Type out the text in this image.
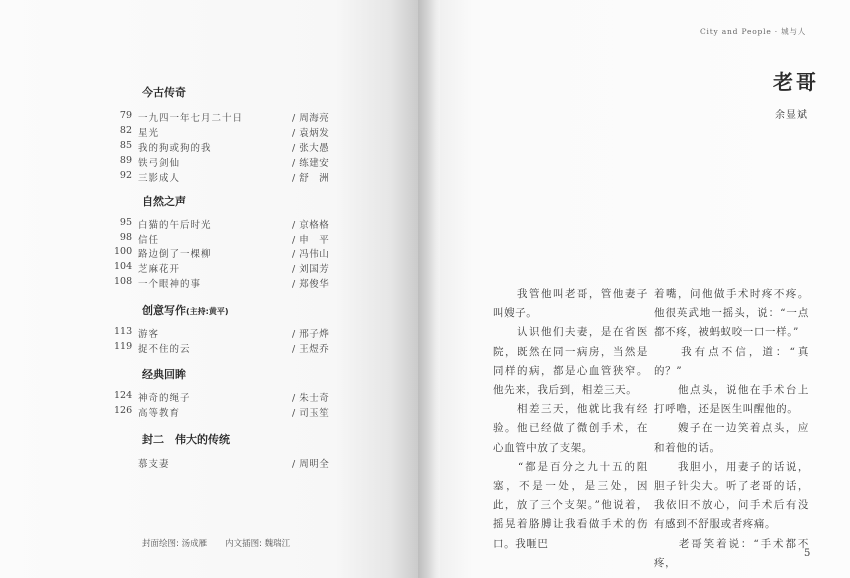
今古传奇
79 一九四一年七月二十日	/ 周海亮
82 星光	/ 袁炳发
85 我的狗或狗的我	/ 张大愚
89 铁弓剑仙	/ 练建安
92 三影成人	/ 舒　洲
自然之声
95 白猫的午后时光	/ 京格格
98 信任	/ 申　平
100 路边倒了一棵柳	/ 冯伟山
104 芝麻花开	/ 刘国芳
108 一个眼神的事	/ 郑俊华
创意写作(主持:黄平)
113 游客	/ 邢子烨
119 捉不住的云	/ 王煜乔
经典回眸
124 神奇的绳子	/ 朱士奇
126 高等教育	/ 司玉笙
封二　伟大的传统
慕支妻	/ 周明全
封面绘图: 汤成雁 内文插图: 魏瑞江
City and People · 城与人
老哥
余显斌

　　我管他叫老哥，管他妻子叫嫂子。

　　认识他们夫妻，是在省医院，既然在同一病房，当然是同样的病，都是心血管狭窄。他先来，我后到，相差三天。

　　相差三天，他就比我有经验。他已经做了微创手术，在心血管中放了支架。

　　“都是百分之九十五的阻塞，不是一处，是三处，因此，放了三个支架。”他说着，摇晃着胳膊让我看做手术的伤口。我咂巴

着嘴，问他做手术时疼不疼。他很英武地一摇头，说：“一点都不疼，被蚂蚁咬一口一样。”

　　我有点不信，道：“真的？”

　　他点头，说他在手术台上打呼噜，还是医生叫醒他的。

　　嫂子在一边笑着点头，应和着他的话。

　　我胆小，用妻子的话说，胆子针尖大。听了老哥的话，我依旧不放心，问手术后有没有感到不舒服或者疼痛。

　　老哥笑着说：“手术都不疼，

5
